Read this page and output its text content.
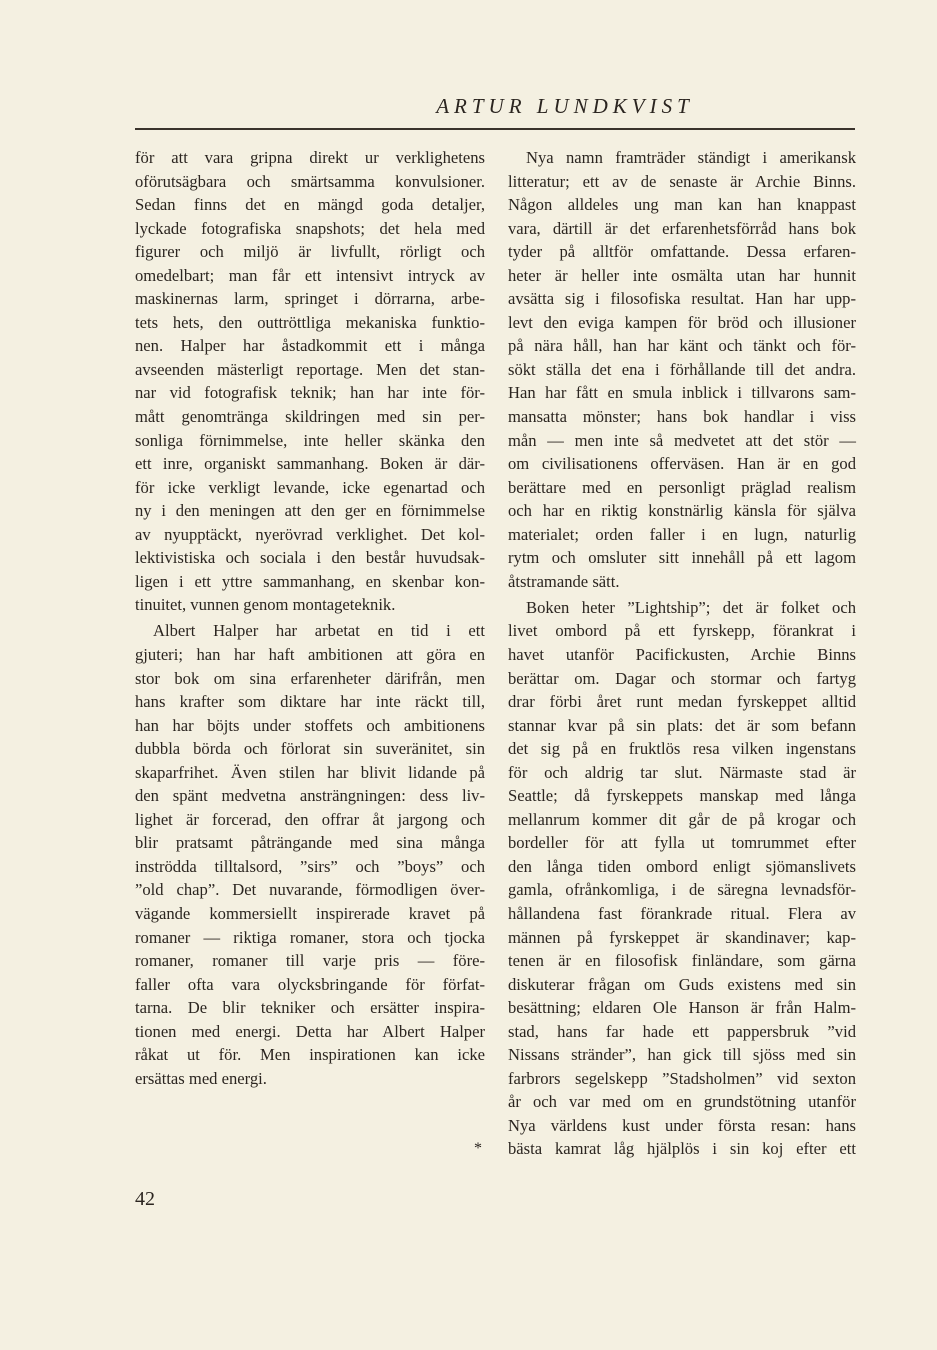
ARTUR LUNDKVIST
för att vara gripna direkt ur verklighetens
oförutsägbara och smärtsamma konvulsioner.
Sedan finns det en mängd goda detaljer,
lyckade fotografiska snapshots; det hela med
figurer och miljö är livfullt, rörligt och
omedelbart; man får ett intensivt intryck av
maskinernas larm, springet i dörrarna, arbe-
tets hets, den outtröttliga mekaniska funktio-
nen. Halper har åstadkommit ett i många
avseenden mästerligt reportage. Men det stan-
nar vid fotografisk teknik; han har inte för-
mått genomtränga skildringen med sin per-
sonliga förnimmelse, inte heller skänka den
ett inre, organiskt sammanhang. Boken är där-
för icke verkligt levande, icke egenartad och
ny i den meningen att den ger en förnimmelse
av nyupptäckt, nyerövrad verklighet. Det kol-
lektivistiska och sociala i den består huvudsak-
ligen i ett yttre sammanhang, en skenbar kon-
tinuitet, vunnen genom montageteknik.
Albert Halper har arbetat en tid i ett
gjuteri; han har haft ambitionen att göra en
stor bok om sina erfarenheter därifrån, men
hans krafter som diktare har inte räckt till,
han har böjts under stoffets och ambitionens
dubbla börda och förlorat sin suveränitet, sin
skaparfrihet. Även stilen har blivit lidande på
den spänt medvetna ansträngningen: dess liv-
lighet är forcerad, den offrar åt jargong och
blir pratsamt påträngande med sina många
inströdda tilltalsord, ”sirs” och ”boys” och
”old chap”. Det nuvarande, förmodligen över-
vägande kommersiellt inspirerade kravet på
romaner — riktiga romaner, stora och tjocka
romaner, romaner till varje pris — före-
faller ofta vara olycksbringande för förfat-
tarna. De blir tekniker och ersätter inspira-
tionen med energi. Detta har Albert Halper
råkat ut för. Men inspirationen kan icke
ersättas med energi.
Nya namn framträder ständigt i amerikansk
litteratur; ett av de senaste är Archie Binns.
Någon alldeles ung man kan han knappast
vara, därtill är det erfarenhetsförråd hans bok
tyder på alltför omfattande. Dessa erfaren-
heter är heller inte osmälta utan har hunnit
avsätta sig i filosofiska resultat. Han har upp-
levt den eviga kampen för bröd och illusioner
på nära håll, han har känt och tänkt och för-
sökt ställa det ena i förhållande till det andra.
Han har fått en smula inblick i tillvarons sam-
mansatta mönster; hans bok handlar i viss
mån — men inte så medvetet att det stör —
om civilisationens offerväsen. Han är en god
berättare med en personligt präglad realism
och har en riktig konstnärlig känsla för själva
materialet; orden faller i en lugn, naturlig
rytm och omsluter sitt innehåll på ett lagom
åtstramande sätt.
Boken heter ”Lightship”; det är folket och
livet ombord på ett fyrskepp, förankrat i
havet utanför Pacifickusten, Archie Binns
berättar om. Dagar och stormar och fartyg
drar förbi året runt medan fyrskeppet alltid
stannar kvar på sin plats: det är som befann
det sig på en fruktlös resa vilken ingenstans
för och aldrig tar slut. Närmaste stad är
Seattle; då fyrskeppets manskap med långa
mellanrum kommer dit går de på krogar och
bordeller för att fylla ut tomrummet efter
den långa tiden ombord enligt sjömanslivets
gamla, ofrånkomliga, i de säregna levnadsför-
hållandena fast förankrade ritual. Flera av
männen på fyrskeppet är skandinaver; kap-
tenen är en filosofisk finländare, som gärna
diskuterar frågan om Guds existens med sin
besättning; eldaren Ole Hanson är från Halm-
stad, hans far hade ett pappersbruk ”vid
Nissans stränder”, han gick till sjöss med sin
farbrors segelskepp ”Stadsholmen” vid sexton
år och var med om en grundstötning utanför
Nya världens kust under första resan: hans
bästa kamrat låg hjälplös i sin koj efter ett
*
42
